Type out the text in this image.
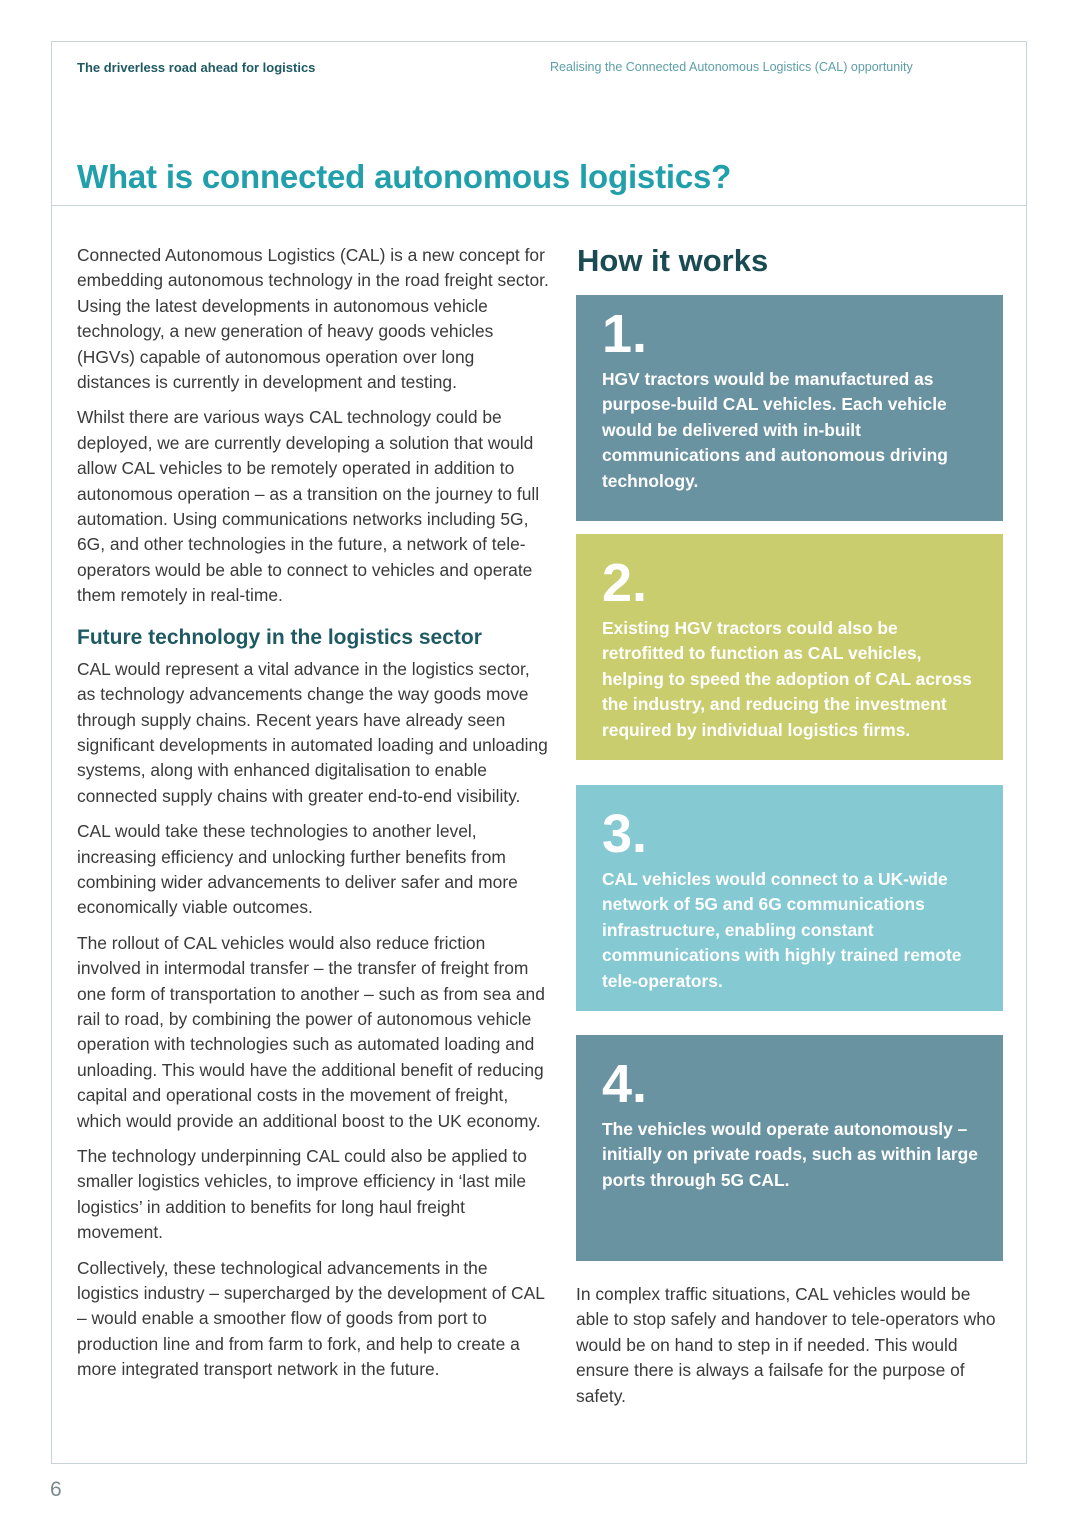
The driverless road ahead for logistics	Realising the Connected Autonomous Logistics (CAL) opportunity
What is connected autonomous logistics?

Connected Autonomous Logistics (CAL) is a new concept for embedding autonomous technology in the road freight sector. Using the latest developments in autonomous vehicle technology, a new generation of heavy goods vehicles (HGVs) capable of autonomous operation over long distances is currently in development and testing.

Whilst there are various ways CAL technology could be deployed, we are currently developing a solution that would allow CAL vehicles to be remotely operated in addition to autonomous operation – as a transition on the journey to full automation. Using communications networks including 5G, 6G, and other technologies in the future, a network of tele-operators would be able to connect to vehicles and operate them remotely in real-time.

Future technology in the logistics sector

CAL would represent a vital advance in the logistics sector, as technology advancements change the way goods move through supply chains. Recent years have already seen significant developments in automated loading and unloading systems, along with enhanced digitalisation to enable connected supply chains with greater end-to-end visibility.

CAL would take these technologies to another level, increasing efficiency and unlocking further benefits from combining wider advancements to deliver safer and more economically viable outcomes.

The rollout of CAL vehicles would also reduce friction involved in intermodal transfer – the transfer of freight from one form of transportation to another – such as from sea and rail to road, by combining the power of autonomous vehicle operation with technologies such as automated loading and unloading. This would have the additional benefit of reducing capital and operational costs in the movement of freight, which would provide an additional boost to the UK economy.

The technology underpinning CAL could also be applied to smaller logistics vehicles, to improve efficiency in ‘last mile logistics’ in addition to benefits for long haul freight movement.

Collectively, these technological advancements in the logistics industry – supercharged by the development of CAL – would enable a smoother flow of goods from port to production line and from farm to fork, and help to create a more integrated transport network in the future.

How it works
1.
HGV tractors would be manufactured as purpose-build CAL vehicles. Each vehicle would be delivered with in-built communications and autonomous driving technology.
2.
Existing HGV tractors could also be retrofitted to function as CAL vehicles, helping to speed the adoption of CAL across the industry, and reducing the investment required by individual logistics firms.
3.
CAL vehicles would connect to a UK-wide network of 5G and 6G communications infrastructure, enabling constant communications with highly trained remote tele-operators.
4.
The vehicles would operate autonomously – initially on private roads, such as within large ports through 5G CAL.

In complex traffic situations, CAL vehicles would be able to stop safely and handover to tele-operators who would be on hand to step in if needed. This would ensure there is always a failsafe for the purpose of safety.

6
